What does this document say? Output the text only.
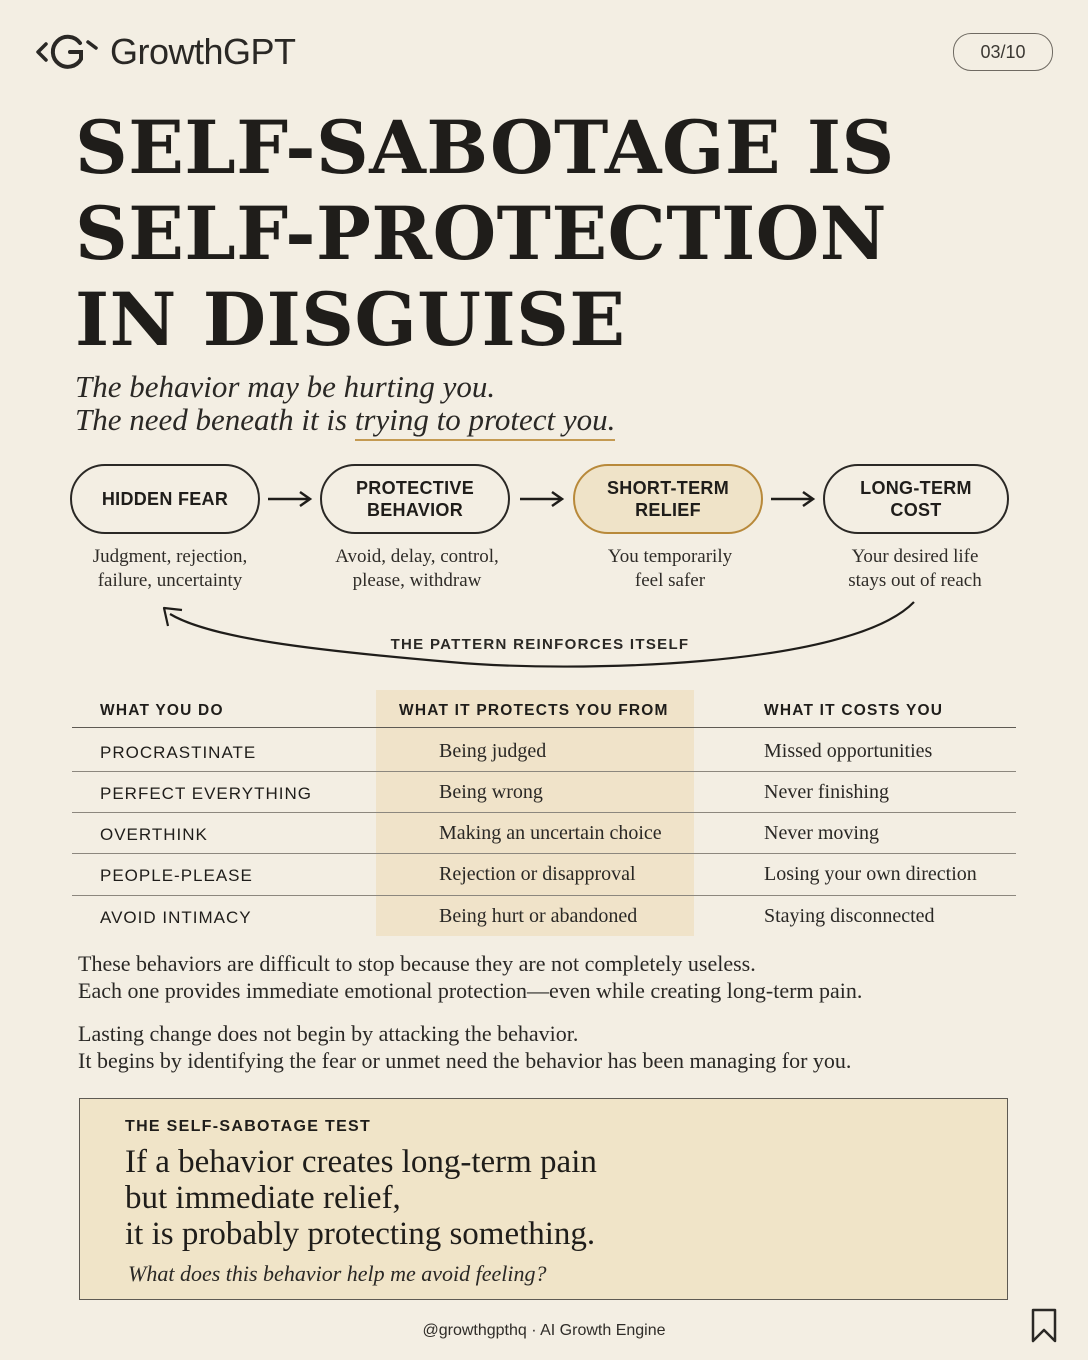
GrowthGPT	03/10
SELF-SABOTAGE IS
SELF-PROTECTION
IN DISGUISE
The behavior may be hurting you.
The need beneath it is trying to protect you.
HIDDEN FEAR
PROTECTIVE
BEHAVIOR
SHORT-TERM
RELIEF
LONG-TERM
COST
Judgment, rejection,
failure, uncertainty
Avoid, delay, control,
please, withdraw
You temporarily
feel safer
Your desired life
stays out of reach
THE PATTERN REINFORCES ITSELF
WHAT YOU DO	WHAT IT PROTECTS YOU FROM	WHAT IT COSTS YOU
PROCRASTINATE	Being judged	Missed opportunities
PERFECT EVERYTHING	Being wrong	Never finishing
OVERTHINK	Making an uncertain choice	Never moving
PEOPLE-PLEASE	Rejection or disapproval	Losing your own direction
AVOID INTIMACY	Being hurt or abandoned	Staying disconnected
These behaviors are difficult to stop because they are not completely useless.
Each one provides immediate emotional protection—even while creating long-term pain.
Lasting change does not begin by attacking the behavior.
It begins by identifying the fear or unmet need the behavior has been managing for you.
THE SELF-SABOTAGE TEST
If a behavior creates long-term pain
but immediate relief,
it is probably protecting something.
What does this behavior help me avoid feeling?
@growthgpthq · AI Growth Engine
